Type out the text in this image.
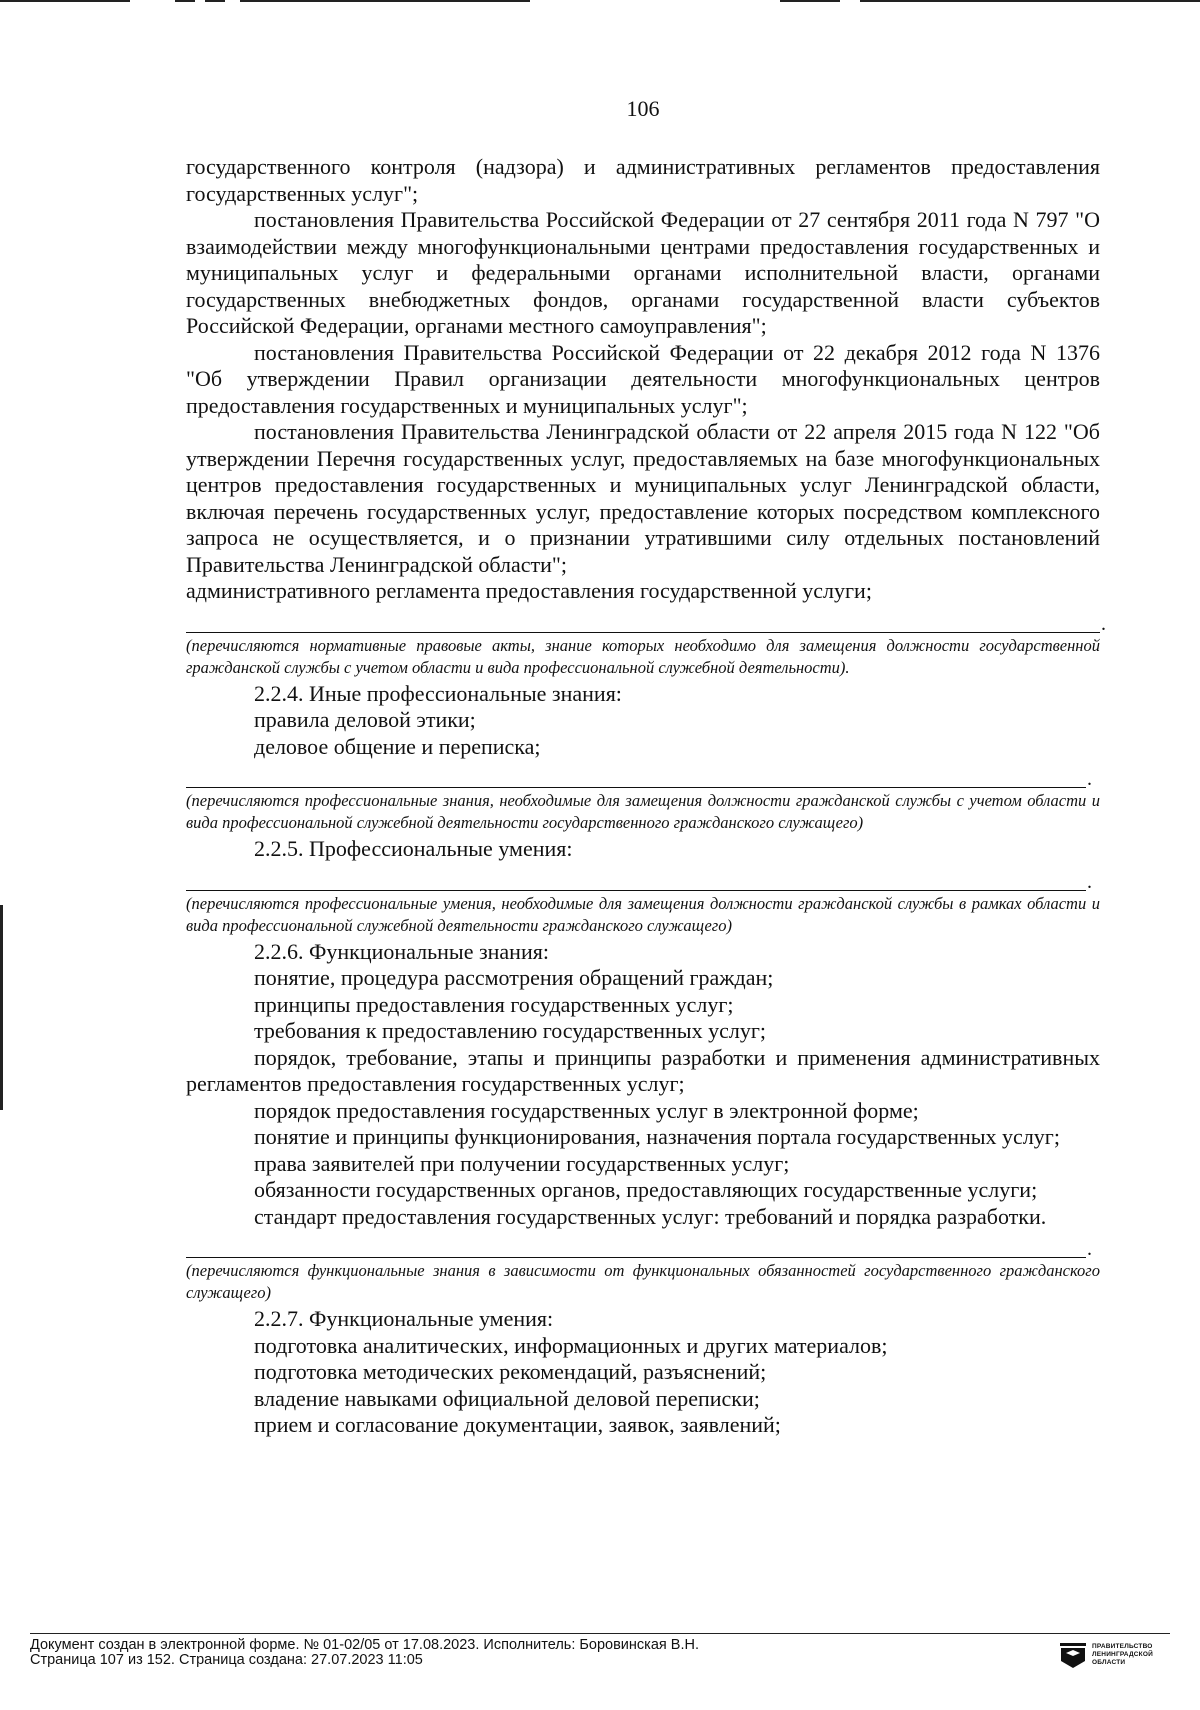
106

государственного контроля (надзора) и административных регламентов предоставления государственных услуг";

постановления Правительства Российской Федерации от 27 сентября 2011 года N 797 "О взаимодействии между многофункциональными центрами предоставления государственных и муниципальных услуг и федеральными органами исполнительной власти, органами государственных внебюджетных фондов, органами государственной власти субъектов Российской Федерации, органами местного самоуправления";

постановления Правительства Российской Федерации от 22 декабря 2012 года N 1376 "Об утверждении Правил организации деятельности многофункциональных центров предоставления государственных и муниципальных услуг";

постановления Правительства Ленинградской области от 22 апреля 2015 года N 122 "Об утверждении Перечня государственных услуг, предоставляемых на базе многофункциональных центров предоставления государственных и муниципальных услуг Ленинградской области, включая перечень государственных услуг, предоставление которых посредством комплексного запроса не осуществляется, и о признании утратившими силу отдельных постановлений Правительства Ленинградской области";

административного регламента предоставления государственной услуги;

.

(перечисляются нормативные правовые акты, знание которых необходимо для замещения должности государственной гражданской службы с учетом области и вида профессиональной служебной деятельности).

2.2.4. Иные профессиональные знания:

правила деловой этики;

деловое общение и переписка;

.

(перечисляются профессиональные знания, необходимые для замещения должности гражданской службы с учетом области и вида профессиональной служебной деятельности государственного гражданского служащего)

2.2.5. Профессиональные умения:

.

(перечисляются профессиональные умения, необходимые для замещения должности гражданской службы в рамках области и вида профессиональной служебной деятельности гражданского служащего)

2.2.6. Функциональные знания:

понятие, процедура рассмотрения обращений граждан;

принципы предоставления государственных услуг;

требования к предоставлению государственных услуг;

порядок, требование, этапы и принципы разработки и применения административных регламентов предоставления государственных услуг;

порядок предоставления государственных услуг в электронной форме;

понятие и принципы функционирования, назначения портала государственных услуг;

права заявителей при получении государственных услуг;

обязанности государственных органов, предоставляющих государственные услуги;

стандарт предоставления государственных услуг: требований и порядка разработки.

.

(перечисляются функциональные знания в зависимости от функциональных обязанностей государственного гражданского служащего)

2.2.7. Функциональные умения:

подготовка аналитических, информационных и других материалов;

подготовка методических рекомендаций, разъяснений;

владение навыками официальной деловой переписки;

прием и согласование документации, заявок, заявлений;

Документ создан в электронной форме. № 01-02/05 от 17.08.2023. Исполнитель: Боровинская В.Н.
Страница 107 из 152. Страница создана: 27.07.2023 11:05
ПРАВИТЕЛЬСТВО
ЛЕНИНГРАДСКОЙ
ОБЛАСТИ
